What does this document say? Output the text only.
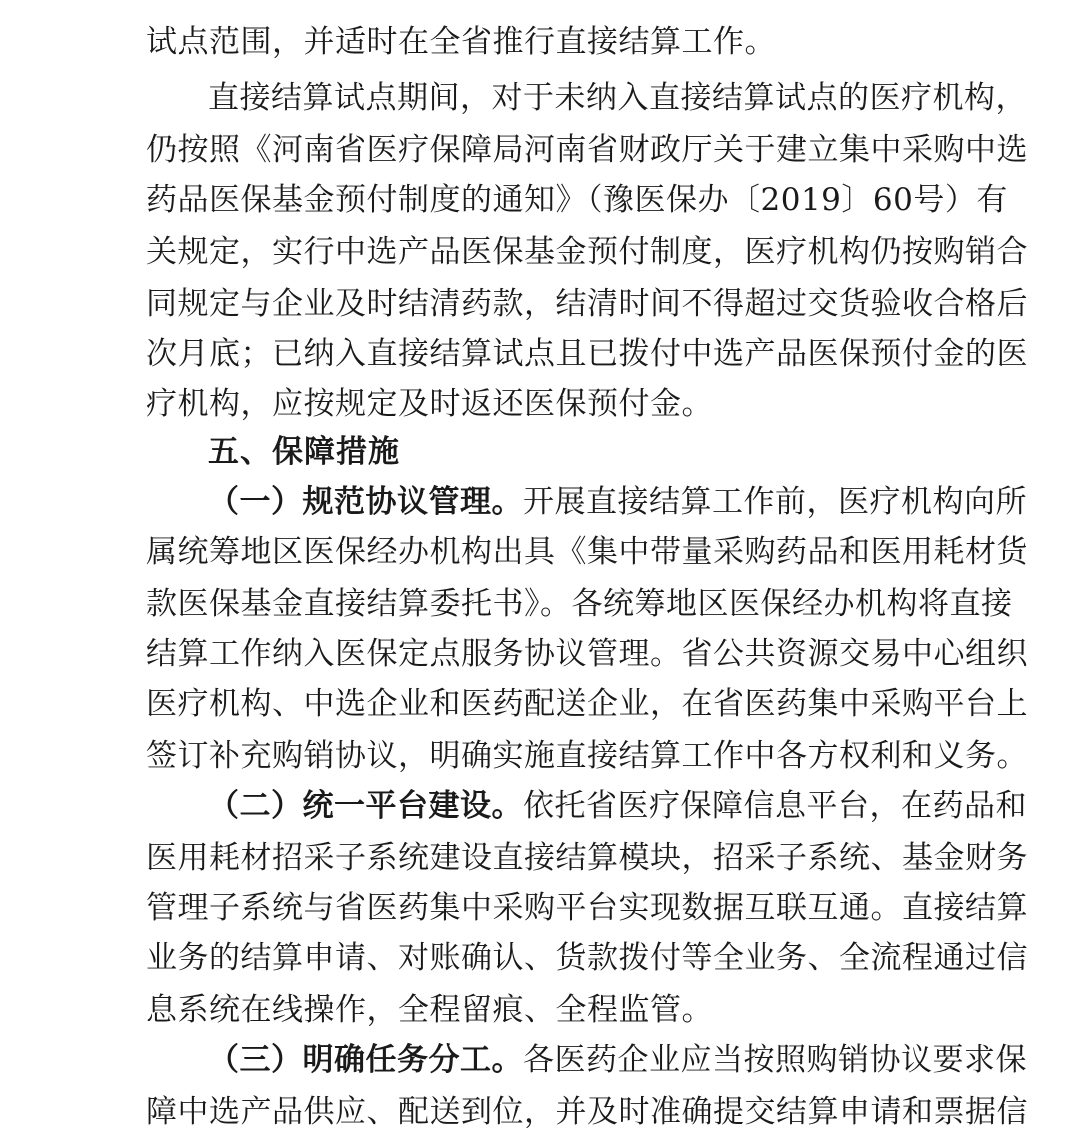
试点范围，并适时在全省推行直接结算工作。
直接结算试点期间，对于未纳入直接结算试点的医疗机构，
仍按照《河南省医疗保障局河南省财政厅关于建立集中采购中选
药品医保基金预付制度的通知》（豫医保办〔2019〕60号）有
关规定，实行中选产品医保基金预付制度，医疗机构仍按购销合
同规定与企业及时结清药款，结清时间不得超过交货验收合格后
次月底；已纳入直接结算试点且已拨付中选产品医保预付金的医
疗机构，应按规定及时返还医保预付金。
五、保障措施
（一）规范协议管理。开展直接结算工作前，医疗机构向所
属统筹地区医保经办机构出具《集中带量采购药品和医用耗材货
款医保基金直接结算委托书》。各统筹地区医保经办机构将直接
结算工作纳入医保定点服务协议管理。省公共资源交易中心组织
医疗机构、中选企业和医药配送企业，在省医药集中采购平台上
签订补充购销协议，明确实施直接结算工作中各方权利和义务。
（二）统一平台建设。依托省医疗保障信息平台，在药品和
医用耗材招采子系统建设直接结算模块，招采子系统、基金财务
管理子系统与省医药集中采购平台实现数据互联互通。直接结算
业务的结算申请、对账确认、货款拨付等全业务、全流程通过信
息系统在线操作，全程留痕、全程监管。
（三）明确任务分工。各医药企业应当按照购销协议要求保
障中选产品供应、配送到位，并及时准确提交结算申请和票据信
